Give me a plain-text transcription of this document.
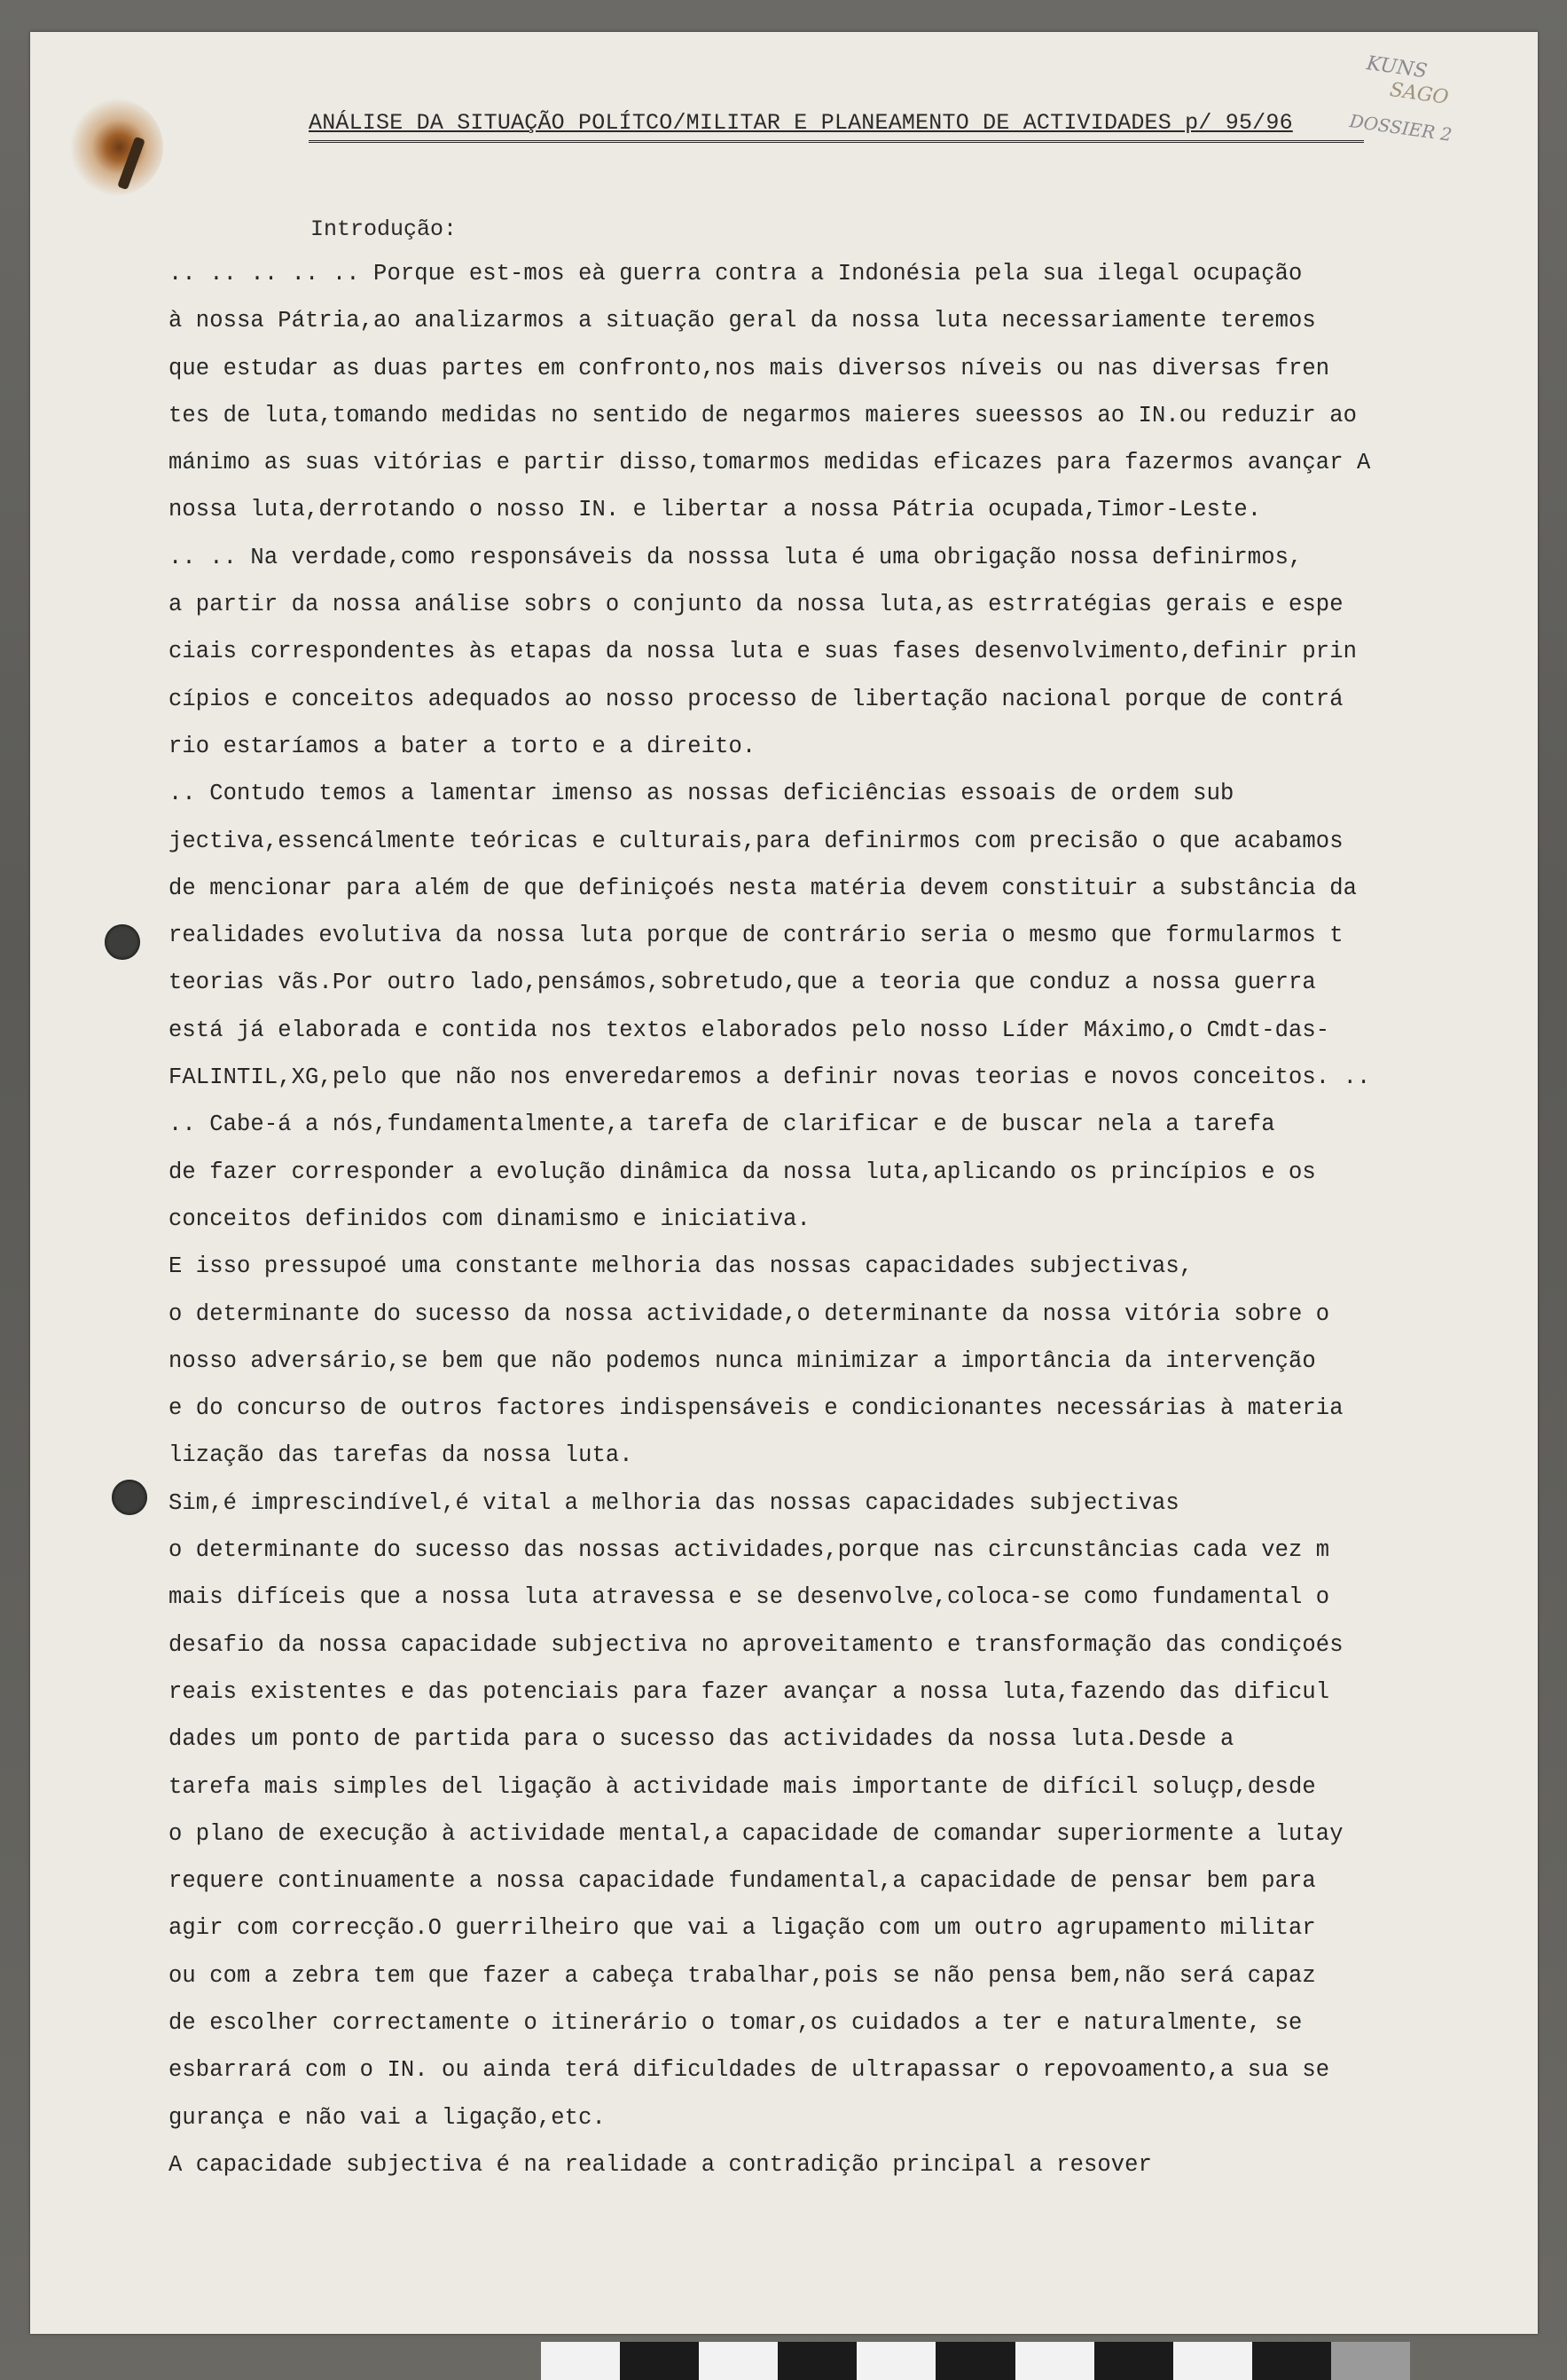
KUNS
SAGO
DOSSIER 2
ANÁLISE DA SITUAÇÃO POLÍTCO/MILITAR E PLANEAMENTO DE ACTIVIDADES p/ 95/96
Introdução:
.. .. .. .. .. Porque est-mos eà guerra contra a Indonésia pela sua ilegal ocupação
à nossa Pátria,ao analizarmos a situação geral da nossa luta necessariamente teremos
que estudar as duas partes em confronto,nos mais diversos níveis ou nas diversas fren
tes de luta,tomando medidas no sentido de negarmos maieres sueessos ao IN.ou reduzir ao
mánimo as suas vitórias e partir disso,tomarmos medidas eficazes para fazermos avançar A
nossa luta,derrotando o nosso IN. e libertar a nossa Pátria ocupada,Timor-Leste.
.. .. Na verdade,como responsáveis da nosssa luta é uma obrigação nossa definirmos,
a partir da nossa análise sobrs o conjunto da nossa luta,as estrratégias gerais e espe
ciais correspondentes às etapas da nossa luta e suas fases desenvolvimento,definir prin
cípios e conceitos adequados ao nosso processo de libertação nacional porque de contrá
rio estaríamos a bater a torto e a direito.
.. Contudo temos a lamentar imenso as nossas deficiências essoais de ordem sub
jectiva,essencálmente teóricas e culturais,para definirmos com precisão o que acabamos
de mencionar para além de que definiçoés nesta matéria devem constituir a substância da
realidades evolutiva da nossa luta porque de contrário seria o mesmo que formularmos t
teorias vãs.Por outro lado,pensámos,sobretudo,que a teoria que conduz a nossa guerra
está já elaborada e contida nos textos elaborados pelo nosso Líder Máximo,o Cmdt-das-
FALINTIL,XG,pelo que não nos enveredaremos a definir novas teorias e novos conceitos. ..
.. Cabe-á a nós,fundamentalmente,a tarefa de clarificar e de buscar nela a tarefa
de fazer corresponder a evolução dinâmica da nossa luta,aplicando os princípios e os
conceitos definidos com dinamismo e iniciativa.
E isso pressupoé uma constante melhoria das nossas capacidades subjectivas,
o determinante do sucesso da nossa actividade,o determinante da nossa vitória sobre o
nosso adversário,se bem que não podemos nunca minimizar a importância da intervenção
e do concurso de outros factores indispensáveis e condicionantes necessárias à materia
lização das tarefas da nossa luta.
Sim,é imprescindível,é vital a melhoria das nossas capacidades subjectivas
o determinante do sucesso das nossas actividades,porque nas circunstâncias cada vez m
mais difíceis que a nossa luta atravessa e se desenvolve,coloca-se como fundamental o
desafio da nossa capacidade subjectiva no aproveitamento e transformação das condiçoés
reais existentes e das potenciais para fazer avançar a nossa luta,fazendo das dificul
dades um ponto de partida para o sucesso das actividades da nossa luta.Desde a
tarefa mais simples del ligação à actividade mais importante de difícil soluçp,desde
o plano de execução à actividade mental,a capacidade de comandar superiormente a lutay
requere continuamente a nossa capacidade fundamental,a capacidade de pensar bem para
agir com correcção.O guerrilheiro que vai a ligação com um outro agrupamento militar
ou com a zebra tem que fazer a cabeça trabalhar,pois se não pensa bem,não será capaz
de escolher correctamente o itinerário o tomar,os cuidados a ter e naturalmente, se
esbarrará com o IN. ou ainda terá dificuldades de ultrapassar o repovoamento,a sua se
gurança e não vai a ligação,etc.
A capacidade subjectiva é na realidade a contradição principal a resover
